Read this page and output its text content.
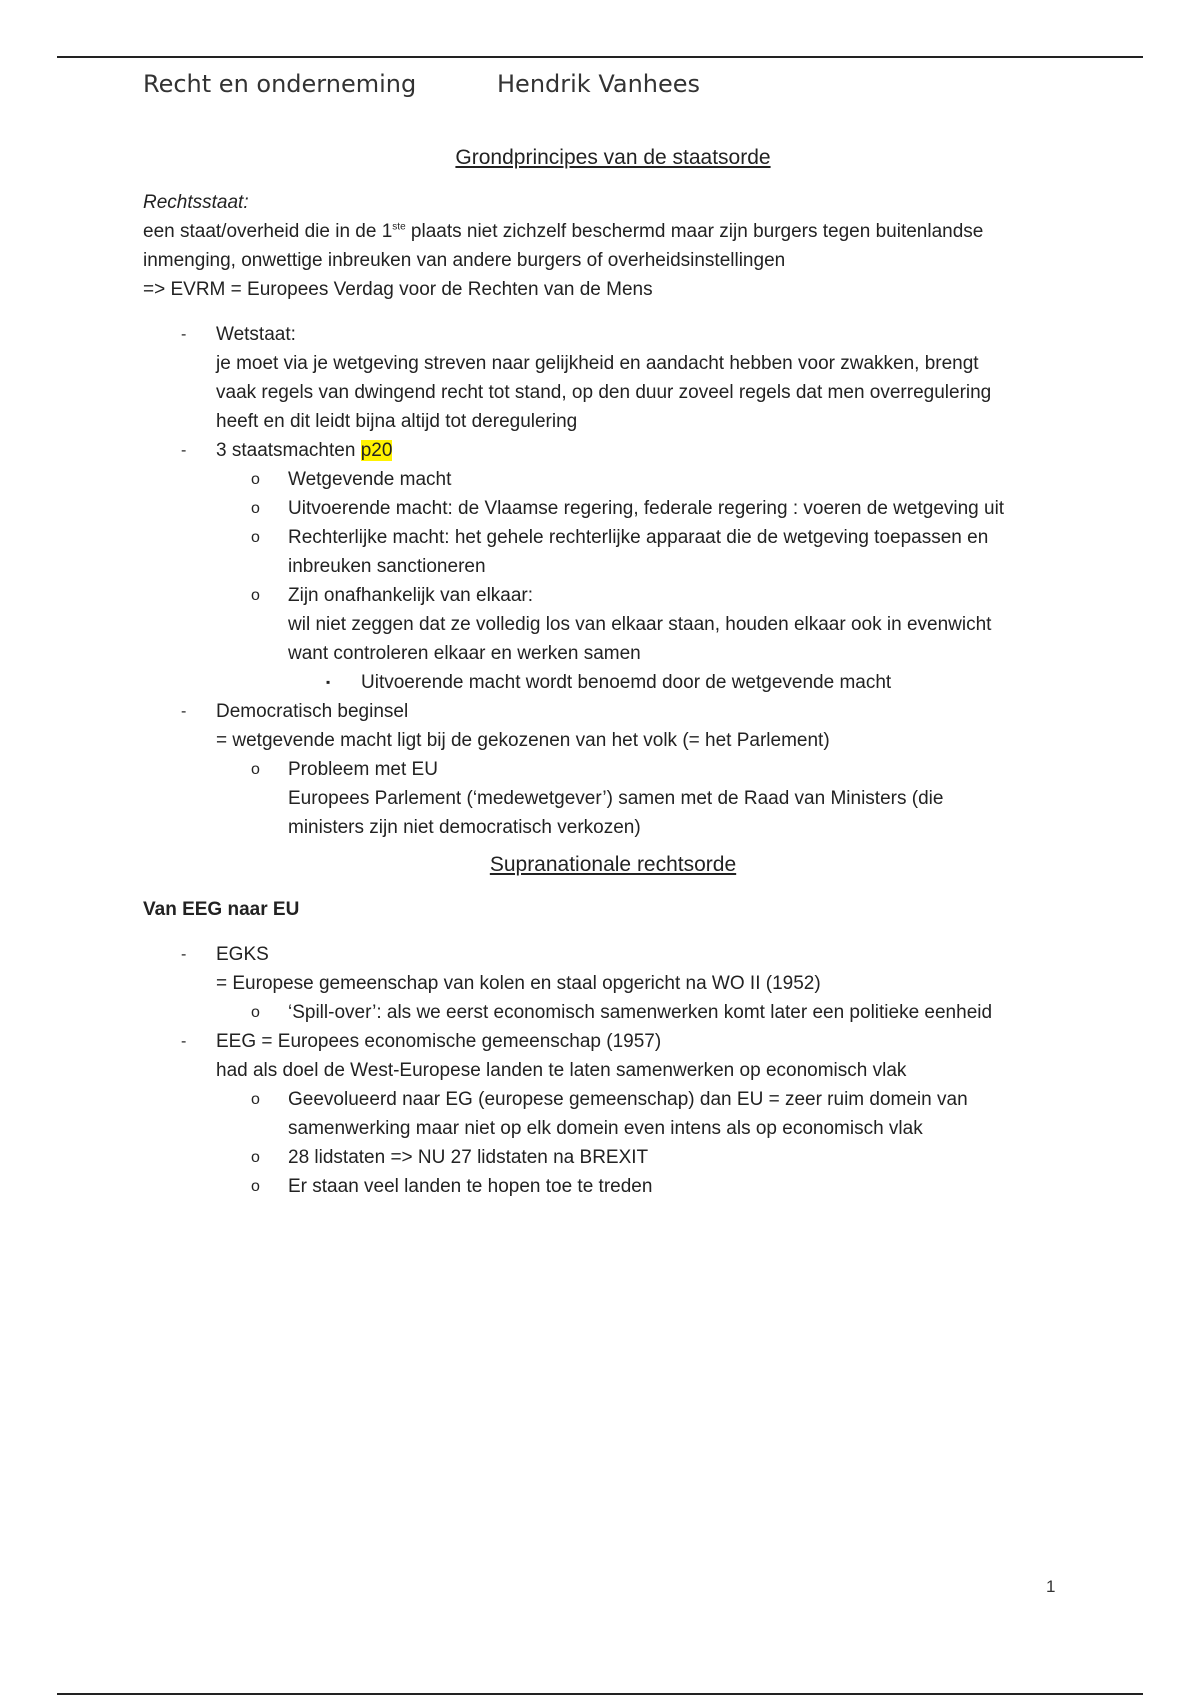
Recht en onderneming	Hendrik Vanhees
Grondprincipes van de staatsorde
Rechtsstaat:
een staat/overheid die in de 1ste plaats niet zichzelf beschermd maar zijn burgers tegen buitenlandse
inmenging, onwettige inbreuken van andere burgers of overheidsinstellingen
=> EVRM = Europees Verdag voor de Rechten van de Mens
- Wetstaat:
je moet via je wetgeving streven naar gelijkheid en aandacht hebben voor zwakken, brengt
vaak regels van dwingend recht tot stand, op den duur zoveel regels dat men overregulering
heeft en dit leidt bijna altijd tot deregulering
- 3 staatsmachten p20
o Wetgevende macht
o Uitvoerende macht: de Vlaamse regering, federale regering : voeren de wetgeving uit
o Rechterlijke macht: het gehele rechterlijke apparaat die de wetgeving toepassen en
inbreuken sanctioneren
o Zijn onafhankelijk van elkaar:
wil niet zeggen dat ze volledig los van elkaar staan, houden elkaar ook in evenwicht
want controleren elkaar en werken samen
▪ Uitvoerende macht wordt benoemd door de wetgevende macht
- Democratisch beginsel
= wetgevende macht ligt bij de gekozenen van het volk (= het Parlement)
o Probleem met EU
Europees Parlement (‘medewetgever’) samen met de Raad van Ministers (die
ministers zijn niet democratisch verkozen)
Supranationale rechtsorde
Van EEG naar EU
- EGKS
= Europese gemeenschap van kolen en staal opgericht na WO II (1952)
o ‘Spill-over’: als we eerst economisch samenwerken komt later een politieke eenheid
- EEG = Europees economische gemeenschap (1957)
had als doel de West-Europese landen te laten samenwerken op economisch vlak
o Geevolueerd naar EG (europese gemeenschap) dan EU = zeer ruim domein van
samenwerking maar niet op elk domein even intens als op economisch vlak
o 28 lidstaten => NU 27 lidstaten na BREXIT
o Er staan veel landen te hopen toe te treden
1
